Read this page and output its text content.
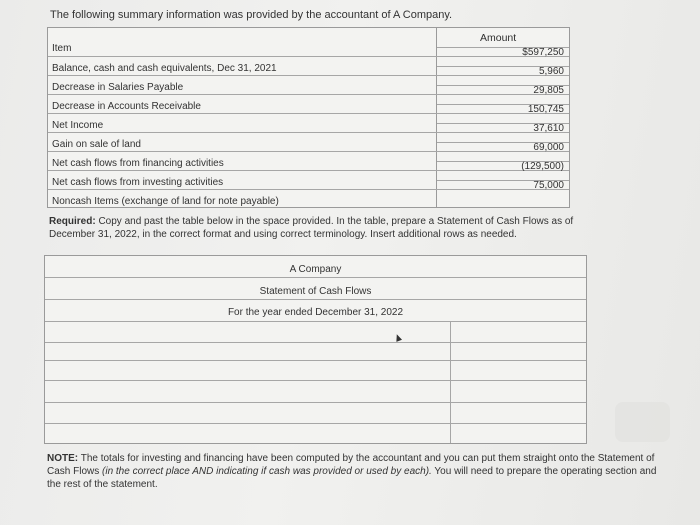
The following summary information was provided by the accountant of A Company.
Amount
Item
Balance, cash and cash equivalents, Dec 31, 2021
$597,250
Decrease in Salaries Payable
5,960
Decrease in Accounts Receivable
29,805
Net Income
150,745
Gain on sale of land
37,610
Net cash flows from financing activities
69,000
Net cash flows from investing activities
(129,500)
Noncash Items (exchange of land for note payable)
75,000
Required: Copy and past the table below in the space provided. In the table, prepare a Statement of Cash Flows as of December 31, 2022, in the correct format and using correct terminology. Insert additional rows as needed.
A Company
Statement of Cash Flows
For the year ended December 31, 2022
NOTE: The totals for investing and financing have been computed by the accountant and you can put them straight onto the Statement of Cash Flows (in the correct place AND indicating if cash was provided or used by each). You will need to prepare the operating section and the rest of the statement.
